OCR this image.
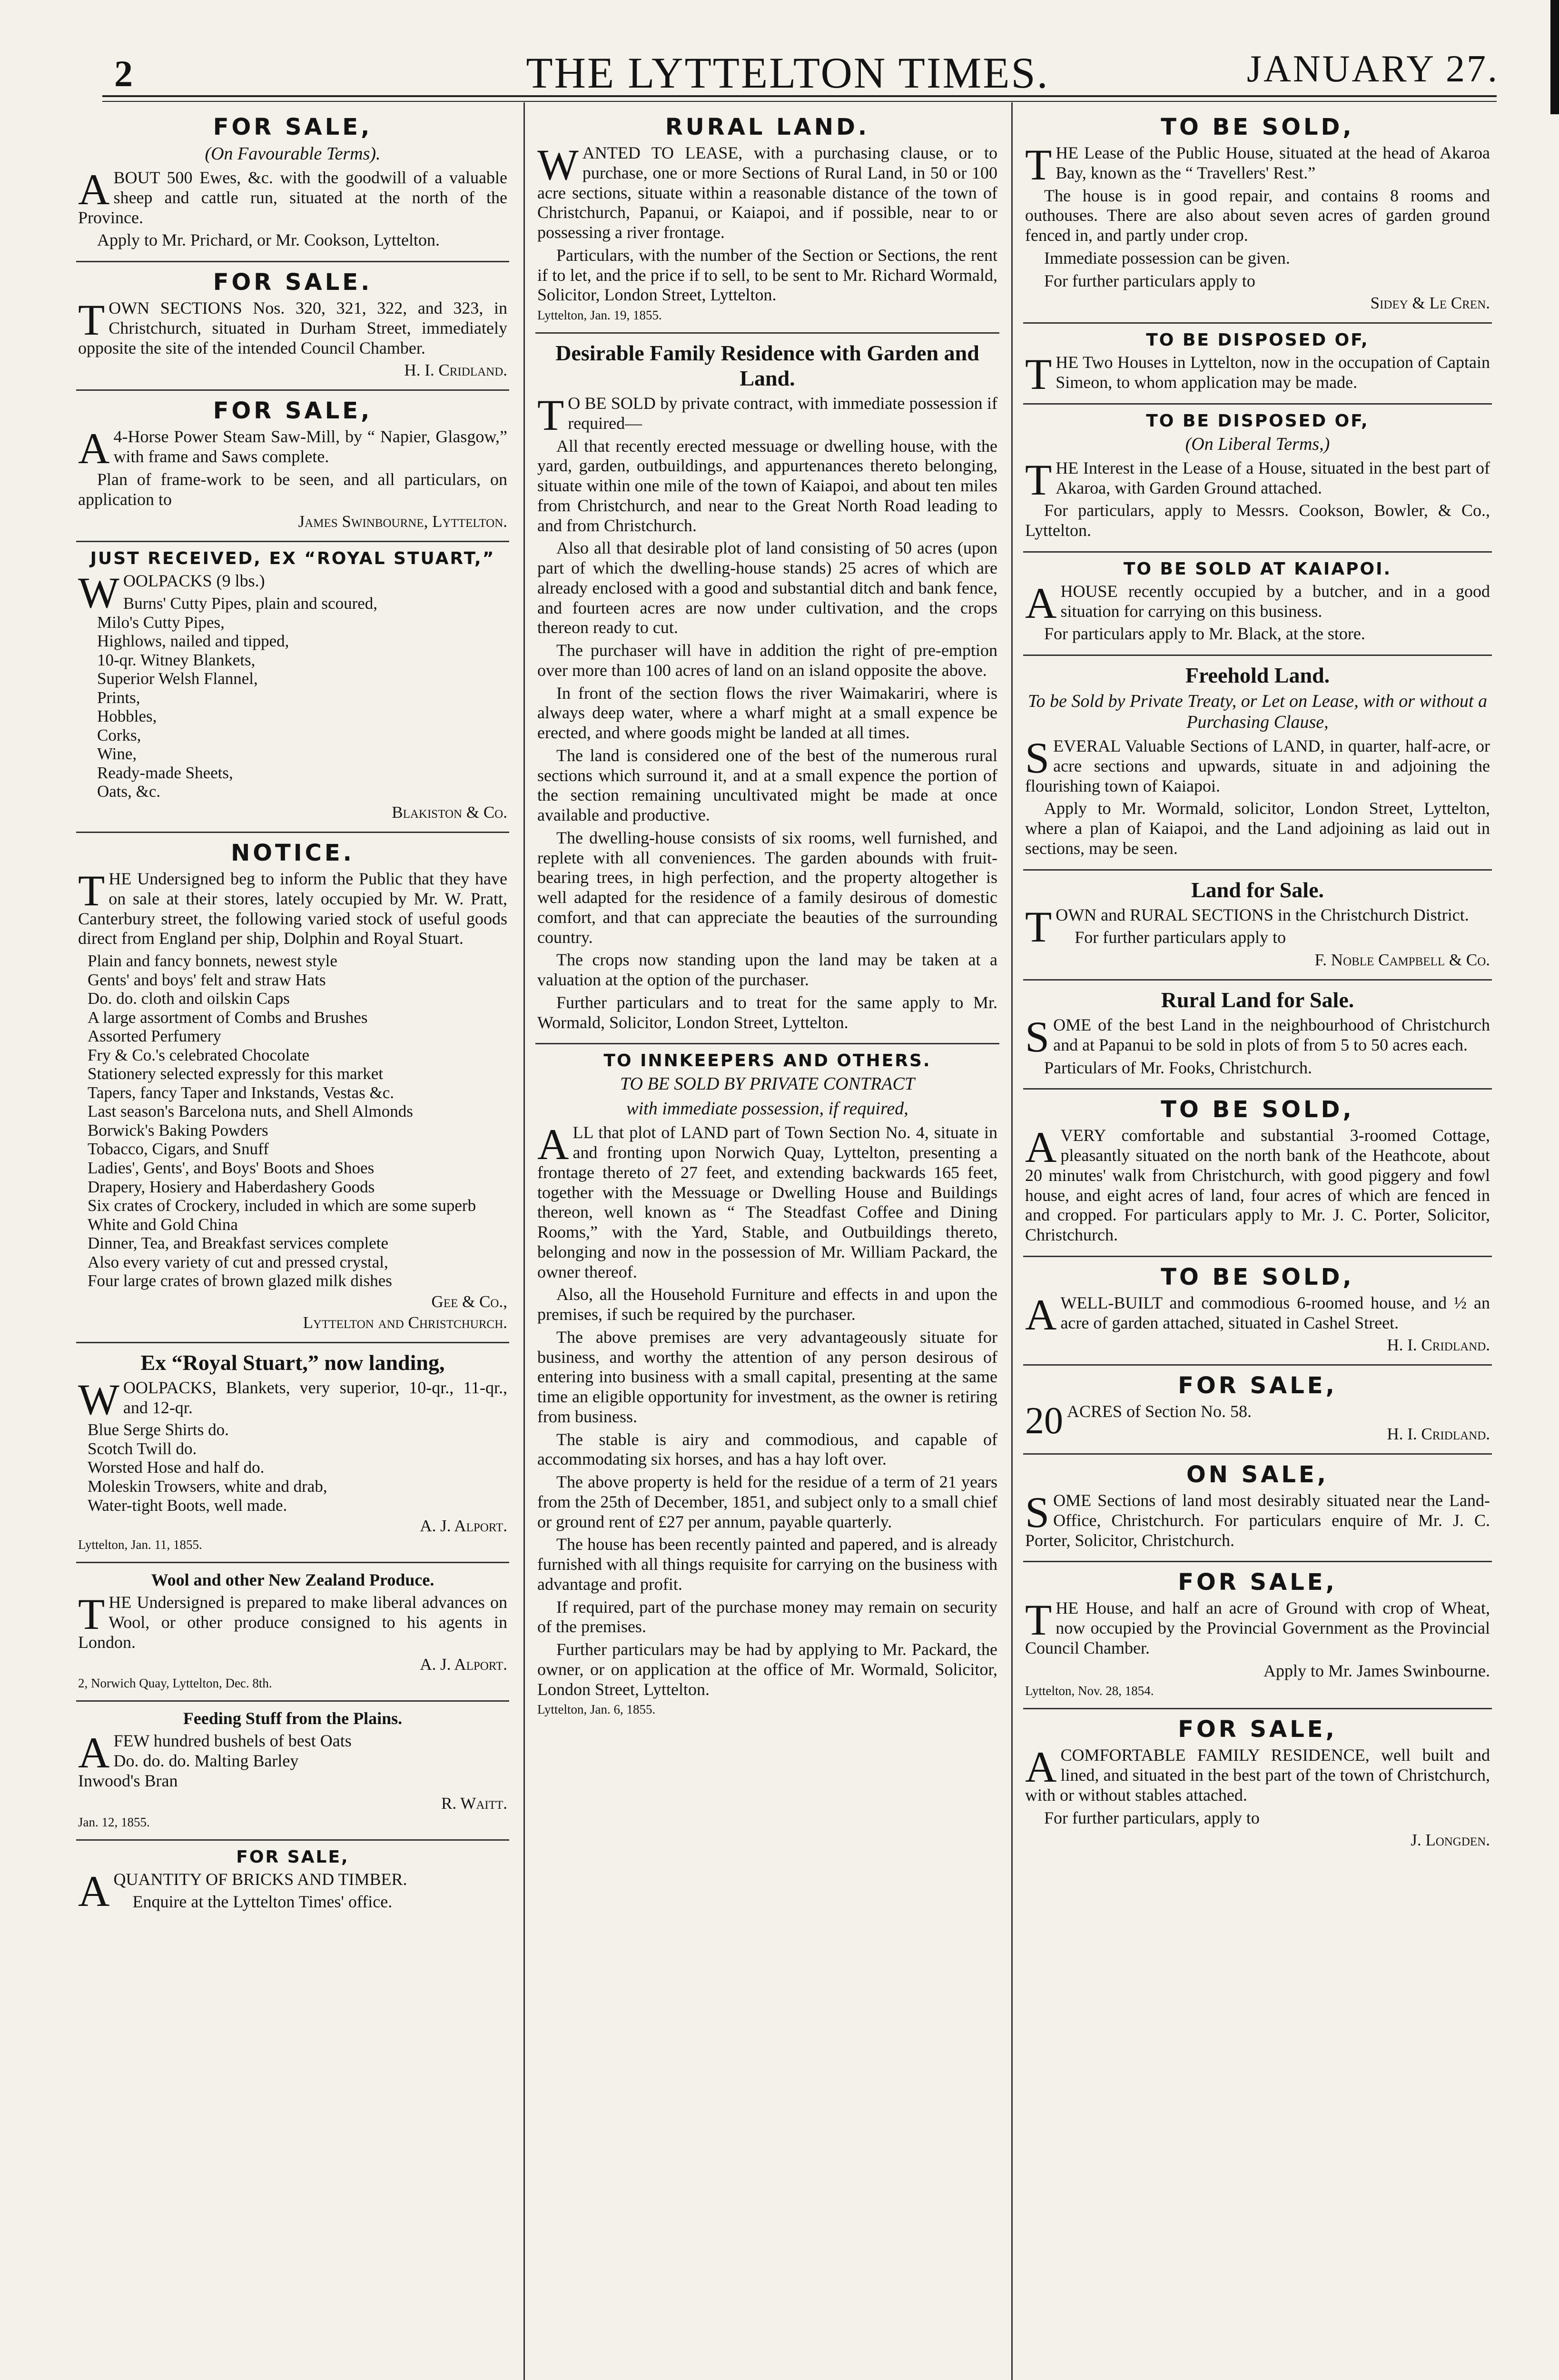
2	THE LYTTELTON TIMES.	JANUARY 27.
FOR SALE,
(On Favourable Terms).

ABOUT 500 Ewes, &c. with the goodwill of a valuable sheep and cattle run, situated at the north of the Province.

Apply to Mr. Prichard, or Mr. Cookson, Lyttelton.

FOR SALE.

TOWN SECTIONS Nos. 320, 321, 322, and 323, in Christchurch, situated in Durham Street, immediately opposite the site of the intended Council Chamber.

H. I. Cridland.
FOR SALE,

A 4-Horse Power Steam Saw-Mill, by “ Napier, Glasgow,” with frame and Saws complete.

Plan of frame-work to be seen, and all particulars, on application to

James Swinbourne, Lyttelton.
JUST RECEIVED, EX “ROYAL STUART,”

WOOLPACKS (9 lbs.)

Burns' Cutty Pipes, plain and scoured,
Milo's Cutty Pipes,
Highlows, nailed and tipped,
10-qr. Witney Blankets,
Superior Welsh Flannel,
Prints,
Hobbles,
Corks,
Wine,
Ready-made Sheets,
Oats, &c.
Blakiston & Co.
NOTICE.

THE Undersigned beg to inform the Public that they have on sale at their stores, lately occupied by Mr. W. Pratt, Canterbury street, the following varied stock of useful goods direct from England per ship, Dolphin and Royal Stuart.

Plain and fancy bonnets, newest style
Gents' and boys' felt and straw Hats
Do. do. cloth and oilskin Caps
A large assortment of Combs and Brushes
Assorted Perfumery
Fry & Co.'s celebrated Chocolate
Stationery selected expressly for this market
Tapers, fancy Taper and Inkstands, Vestas &c.
Last season's Barcelona nuts, and Shell Almonds
Borwick's Baking Powders
Tobacco, Cigars, and Snuff
Ladies', Gents', and Boys' Boots and Shoes
Drapery, Hosiery and Haberdashery Goods
Six crates of Crockery, included in which are some superb White and Gold China
Dinner, Tea, and Breakfast services complete
Also every variety of cut and pressed crystal,
Four large crates of brown glazed milk dishes
Gee & Co.,
Lyttelton and Christchurch.
Ex “Royal Stuart,” now landing,

WOOLPACKS, Blankets, very superior, 10-qr., 11-qr., and 12-qr.

Blue Serge Shirts do.
Scotch Twill do.
Worsted Hose and half do.
Moleskin Trowsers, white and drab,
Water-tight Boots, well made.
A. J. Alport.
Lyttelton, Jan. 11, 1855.
Wool and other New Zealand Produce.

THE Undersigned is prepared to make liberal advances on Wool, or other produce consigned to his agents in London.

A. J. Alport.
2, Norwich Quay, Lyttelton, Dec. 8th.
Feeding Stuff from the Plains.

AFEW hundred bushels of best Oats
Do. do. do. Malting Barley
Inwood's Bran

R. Waitt.
Jan. 12, 1855.
FOR SALE,

AQUANTITY OF BRICKS AND TIMBER.

Enquire at the Lyttelton Times' office.

RURAL LAND.

WANTED TO LEASE, with a purchasing clause, or to purchase, one or more Sections of Rural Land, in 50 or 100 acre sections, situate within a reasonable distance of the town of Christchurch, Papanui, or Kaiapoi, and if possible, near to or possessing a river frontage.

Particulars, with the number of the Section or Sections, the rent if to let, and the price if to sell, to be sent to Mr. Richard Wormald, Solicitor, London Street, Lyttelton.

Lyttelton, Jan. 19, 1855.
Desirable Family Residence with Garden and Land.

T O BE SOLD by private contract, with immediate possession if required—

All that recently erected messuage or dwelling house, with the yard, garden, outbuildings, and appurtenances thereto belonging, situate within one mile of the town of Kaiapoi, and about ten miles from Christchurch, and near to the Great North Road leading to and from Christchurch.

Also all that desirable plot of land consisting of 50 acres (upon part of which the dwelling-house stands) 25 acres of which are already enclosed with a good and substantial ditch and bank fence, and fourteen acres are now under cultivation, and the crops thereon ready to cut.

The purchaser will have in addition the right of pre-emption over more than 100 acres of land on an island opposite the above.

In front of the section flows the river Waimakariri, where is always deep water, where a wharf might at a small expence be erected, and where goods might be landed at all times.

The land is considered one of the best of the numerous rural sections which surround it, and at a small expence the portion of the section remaining uncultivated might be made at once available and productive.

The dwelling-house consists of six rooms, well furnished, and replete with all conveniences. The garden abounds with fruit-bearing trees, in high perfection, and the property altogether is well adapted for the residence of a family desirous of domestic comfort, and that can appreciate the beauties of the surrounding country.

The crops now standing upon the land may be taken at a valuation at the option of the purchaser.

Further particulars and to treat for the same apply to Mr. Wormald, Solicitor, London Street, Lyttelton.

TO INNKEEPERS AND OTHERS.
TO BE SOLD BY PRIVATE CONTRACT
with immediate possession, if required,

ALL that plot of LAND part of Town Section No. 4, situate in and fronting upon Norwich Quay, Lyttelton, presenting a frontage thereto of 27 feet, and extending backwards 165 feet, together with the Messuage or Dwelling House and Buildings thereon, well known as “ The Steadfast Coffee and Dining Rooms,” with the Yard, Stable, and Outbuildings thereto, belonging and now in the possession of Mr. William Packard, the owner thereof.

Also, all the Household Furniture and effects in and upon the premises, if such be required by the purchaser.

The above premises are very advantageously situate for business, and worthy the attention of any person desirous of entering into business with a small capital, presenting at the same time an eligible opportunity for investment, as the owner is retiring from business.

The stable is airy and commodious, and capable of accommodating six horses, and has a hay loft over.

The above property is held for the residue of a term of 21 years from the 25th of December, 1851, and subject only to a small chief or ground rent of £27 per annum, payable quarterly.

The house has been recently painted and papered, and is already furnished with all things requisite for carrying on the business with advantage and profit.

If required, part of the purchase money may remain on security of the premises.

Further particulars may be had by applying to Mr. Packard, the owner, or on application at the office of Mr. Wormald, Solicitor, London Street, Lyttelton.

Lyttelton, Jan. 6, 1855.
TO BE SOLD,

THE Lease of the Public House, situated at the head of Akaroa Bay, known as the “ Travellers' Rest.”

The house is in good repair, and contains 8 rooms and outhouses. There are also about seven acres of garden ground fenced in, and partly under crop.

Immediate possession can be given.

For further particulars apply to

Sidey & Le Cren.
TO BE DISPOSED OF,

THE Two Houses in Lyttelton, now in the occupation of Captain Simeon, to whom application may be made.

TO BE DISPOSED OF,
(On Liberal Terms,)

THE Interest in the Lease of a House, situated in the best part of Akaroa, with Garden Ground attached.

For particulars, apply to Messrs. Cookson, Bowler, & Co., Lyttelton.

TO BE SOLD AT KAIAPOI.

AHOUSE recently occupied by a butcher, and in a good situation for carrying on this business.

For particulars apply to Mr. Black, at the store.

Freehold Land.
To be Sold by Private Treaty, or Let on Lease, with or without a Purchasing Clause,

SEVERAL Valuable Sections of LAND, in quarter, half-acre, or acre sections and upwards, situate in and adjoining the flourishing town of Kaiapoi.

Apply to Mr. Wormald, solicitor, London Street, Lyttelton, where a plan of Kaiapoi, and the Land adjoining as laid out in sections, may be seen.

Land for Sale.

TOWN and RURAL SECTIONS in the Christchurch District.

For further particulars apply to

F. Noble Campbell & Co.
Rural Land for Sale.

SOME of the best Land in the neighbourhood of Christchurch and at Papanui to be sold in plots of from 5 to 50 acres each.

Particulars of Mr. Fooks, Christchurch.

TO BE SOLD,

AVERY comfortable and substantial 3-roomed Cottage, pleasantly situated on the north bank of the Heathcote, about 20 minutes' walk from Christchurch, with good piggery and fowl house, and eight acres of land, four acres of which are fenced in and cropped. For particulars apply to Mr. J. C. Porter, Solicitor, Christchurch.

TO BE SOLD,

AWELL-BUILT and commodious 6-roomed house, and ½ an acre of garden attached, situated in Cashel Street.

H. I. Cridland.
FOR SALE,

20 ACRES of Section No. 58.

H. I. Cridland.
ON SALE,

SOME Sections of land most desirably situated near the Land-Office, Christchurch. For particulars enquire of Mr. J. C. Porter, Solicitor, Christchurch.

FOR SALE,

THE House, and half an acre of Ground with crop of Wheat, now occupied by the Provincial Government as the Provincial Council Chamber.

Apply to Mr. James Swinbourne.

Lyttelton, Nov. 28, 1854.
FOR SALE,

ACOMFORTABLE FAMILY RESIDENCE, well built and lined, and situated in the best part of the town of Christchurch, with or without stables attached.

For further particulars, apply to

J. Longden.
